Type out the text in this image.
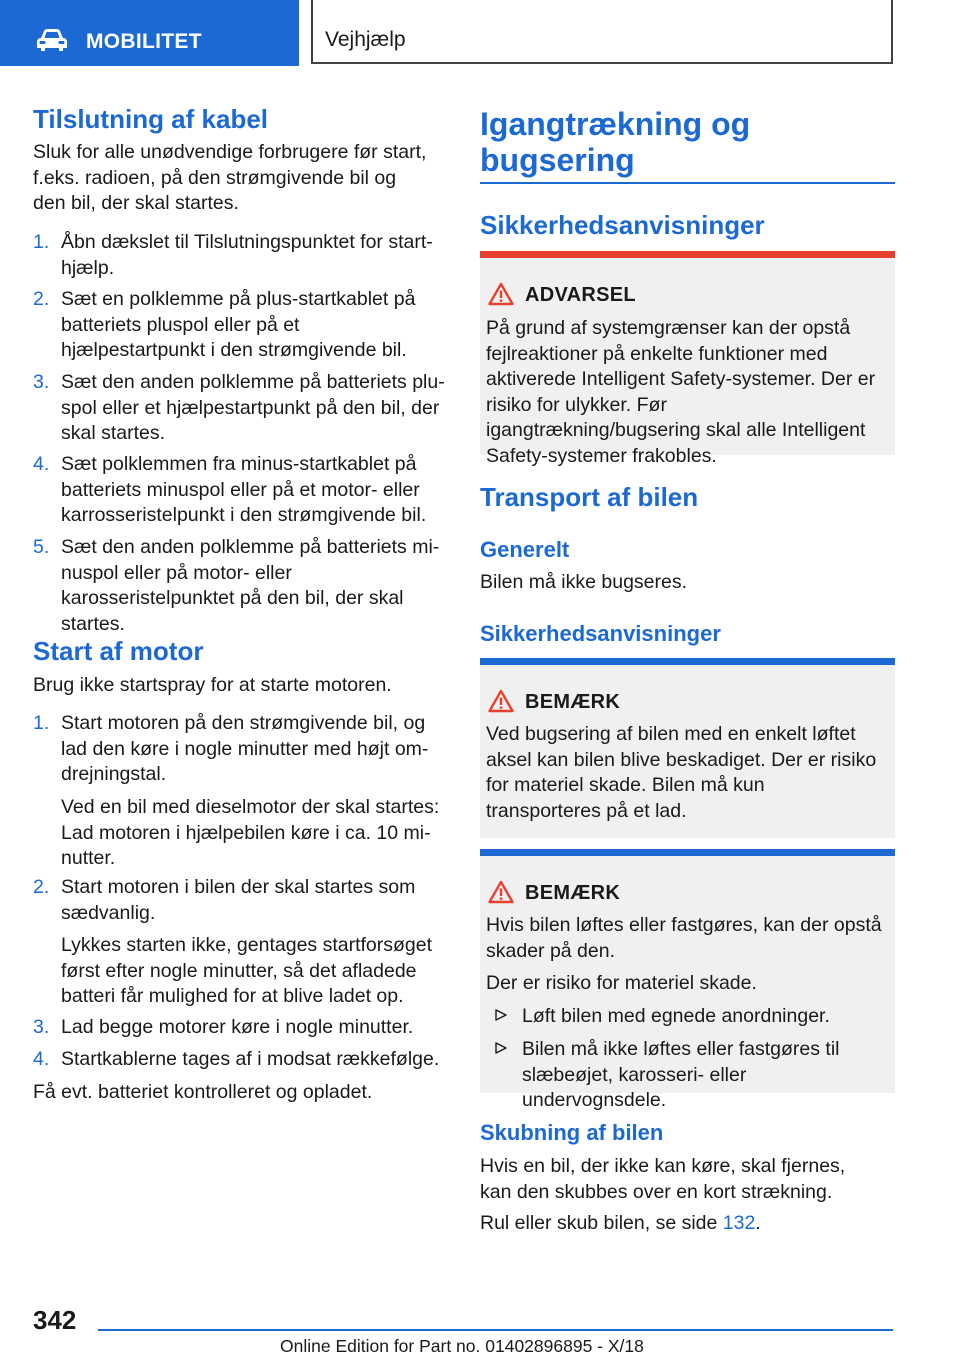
MOBILITET	Vejhjælp
Tilslutning af kabel
Sluk for alle unødvendige forbrugere før start, f.eks. radioen, på den strømgivende bil og den bil, der skal startes.
1. Åbn dækslet til Tilslutningspunktet for starthjælp.
2. Sæt en polklemme på plus-startkablet på batteriets pluspol eller på et hjælpestartpunkt i den strømgivende bil.
3. Sæt den anden polklemme på batteriets pluspol eller et hjælpestartpunkt på den bil, der skal startes.
4. Sæt polklemmen fra minus-startkablet på batteriets minuspol eller på et motor- eller karrosseristelpunkt i den strømgivende bil.
5. Sæt den anden polklemme på batteriets minuspol eller på motor- eller karosseristelpunktet på den bil, der skal startes.
Start af motor
Brug ikke startspray for at starte motoren.
1. Start motoren på den strømgivende bil, og lad den køre i nogle minutter med højt omdrejningstal.
Ved en bil med dieselmotor der skal startes: Lad motoren i hjælpebilen køre i ca. 10 minutter.
2. Start motoren i bilen der skal startes som sædvanlig.
Lykkes starten ikke, gentages startforsøget først efter nogle minutter, så det afladede batteri får mulighed for at blive ladet op.
3. Lad begge motorer køre i nogle minutter.
4. Startkablerne tages af i modsat rækkefølge.
Få evt. batteriet kontrolleret og opladet.
Igangtrækning og
bugsering
Sikkerhedsanvisninger
ADVARSEL
På grund af systemgrænser kan der opstå fejlreaktioner på enkelte funktioner med aktiverede Intelligent Safety-systemer. Der er risiko for ulykker. Før igangtrækning/bugsering skal alle Intelligent Safety-systemer frakobles.
Transport af bilen
Generelt
Bilen må ikke bugseres.
Sikkerhedsanvisninger
BEMÆRK
Ved bugsering af bilen med en enkelt løftet aksel kan bilen blive beskadiget. Der er risiko for materiel skade. Bilen må kun transporteres på et lad.
BEMÆRK
Hvis bilen løftes eller fastgøres, kan der opstå skader på den.
Der er risiko for materiel skade.
Løft bilen med egnede anordninger.
Bilen må ikke løftes eller fastgøres til slæbeøjet, karosseri- eller undervognsdele.
Skubning af bilen
Hvis en bil, der ikke kan køre, skal fjernes, kan den skubbes over en kort strækning.
Rul eller skub bilen, se side 132.
342
Online Edition for Part no. 01402896895 - X/18
